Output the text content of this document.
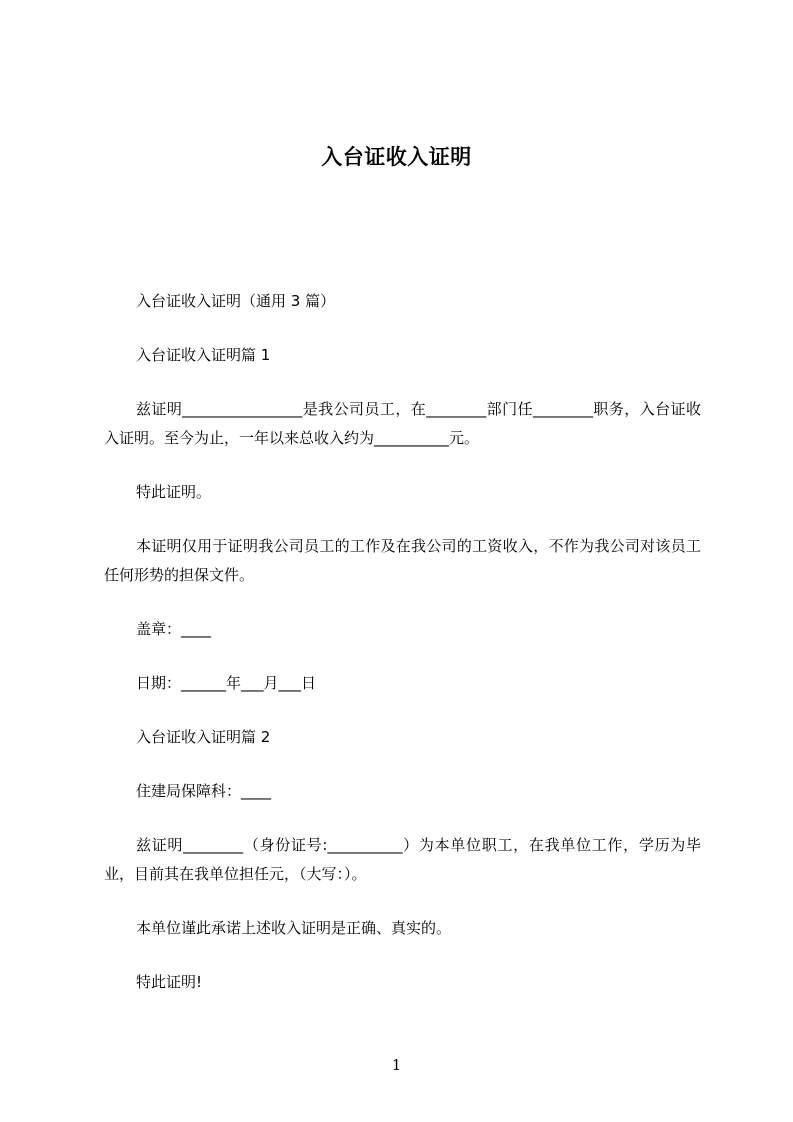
入台证收入证明

入台证收入证明（通用 3 篇）

入台证收入证明篇 1

兹证明________________是我公司员工，在________部门任________职务，入台证收入证明。至今为止，一年以来总收入约为__________元。

特此证明。

本证明仅用于证明我公司员工的工作及在我公司的工资收入，不作为我公司对该员工任何形势的担保文件。

盖章：____

日期：______年___月___日

入台证收入证明篇 2

住建局保障科：____

兹证明________（身份证号:__________）为本单位职工，在我单位工作，学历为毕业，目前其在我单位担任元，（大写：）。

本单位谨此承诺上述收入证明是正确、真实的。

特此证明!

1
